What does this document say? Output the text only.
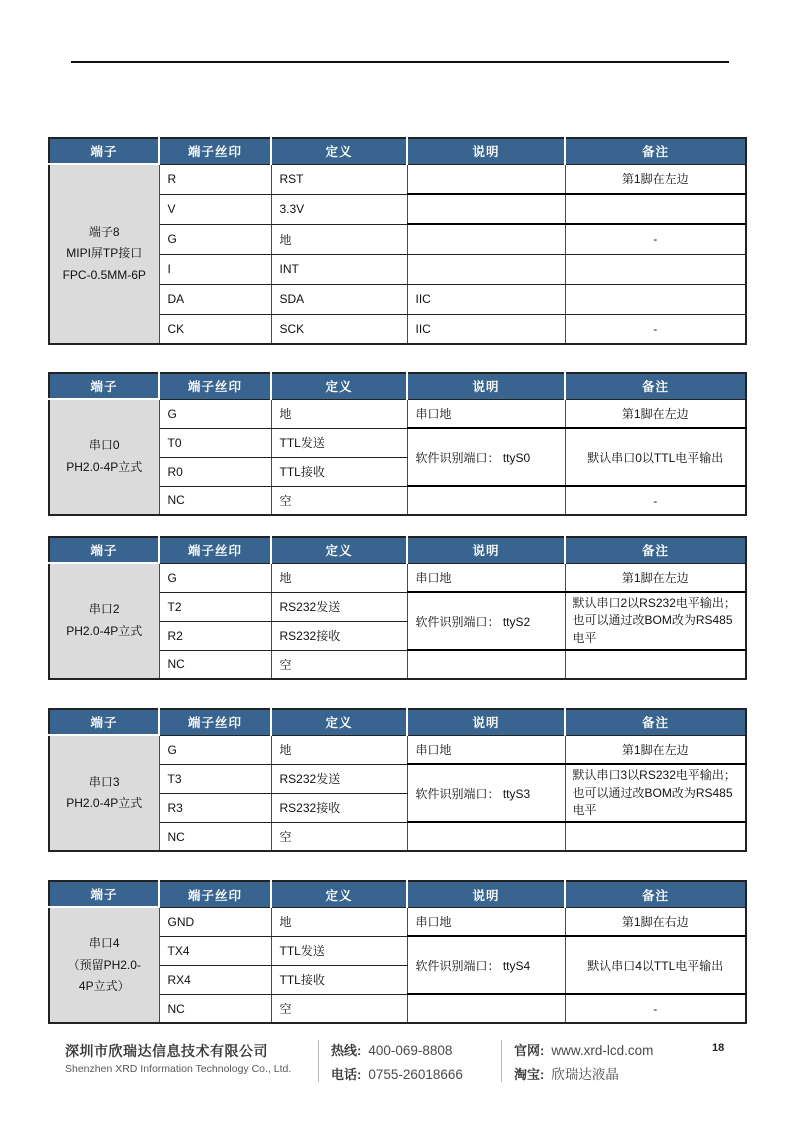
端子	端子丝印	定义	说明	备注

端子8
MIPI屏TP接口
FPC-0.5MM-6P	R	RST		第1脚在左边
	V	3.3V		
	G	地		-
	I	INT		
	DA	SDA	IIC	
	CK	SCK	IIC	-
端子	端子丝印	定义	说明	备注

串口0
PH2.0-4P立式	G	地	串口地	第1脚在左边
	T0	TTL发送	软件识别端口： ttyS0	默认串口0以TTL电平输出
	R0	TTL接收		
	NC	空		-
端子	端子丝印	定义	说明	备注

串口2
PH2.0-4P立式	G	地	串口地	第1脚在左边
	T2	RS232发送	软件识别端口： ttyS2	默认串口2以RS232电平输出；也可以通过改BOM改为RS485电平
	R2	RS232接收		
	NC	空		
端子	端子丝印	定义	说明	备注

串口3
PH2.0-4P立式	G	地	串口地	第1脚在左边
	T3	RS232发送	软件识别端口： ttyS3	默认串口3以RS232电平输出；也可以通过改BOM改为RS485电平
	R3	RS232接收		
	NC	空		
端子	端子丝印	定义	说明	备注

串口4
（预留PH2.0-
4P立式）	GND	地	串口地	第1脚在右边
	TX4	TTL发送	软件识别端口： ttyS4	默认串口4以TTL电平输出
	RX4	TTL接收		
	NC	空		-
深圳市欣瑞达信息技术有限公司
Shenzhen XRD Information Technology Co., Ltd.
热线: 400-069-8808
电话: 0755-26018666
官网: www.xrd-lcd.com
淘宝: 欣瑞达液晶
18
